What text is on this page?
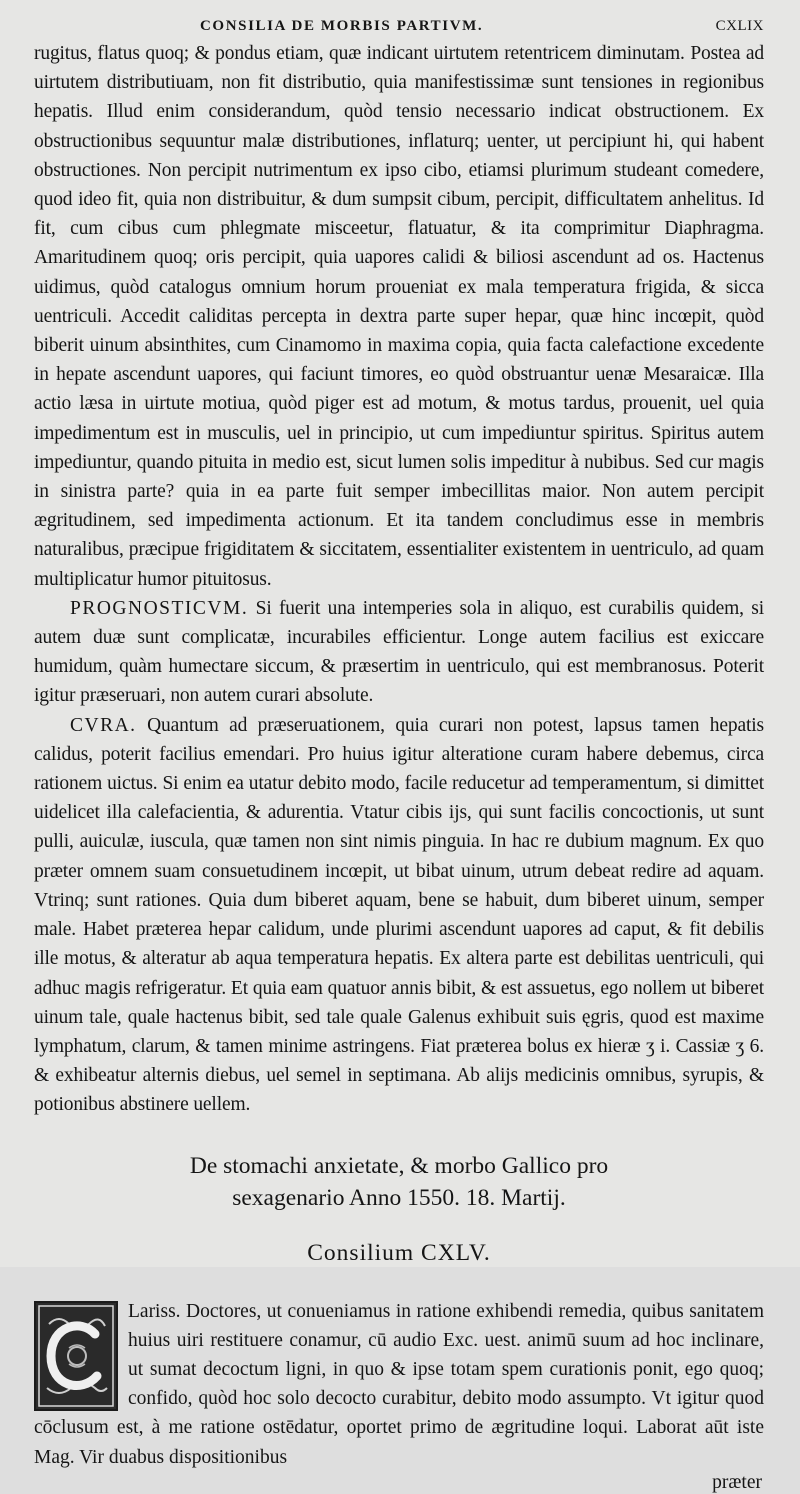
CONSILIA DE MORBIS PARTIVM.	CXLIX

rugitus, flatus quoq; & pondus etiam, quæ indicant uirtutem retentricem diminutam. Postea ad uirtutem distributiuam, non fit distributio, quia manifestissimæ sunt tensiones in regionibus hepatis. Illud enim considerandum, quòd tensio necessario indicat obstructionem. Ex obstructionibus sequuntur malæ distributiones, inflaturq; uenter, ut percipiunt hi, qui habent obstructiones. Non percipit nutrimentum ex ipso cibo, etiamsi plurimum studeant comedere, quod ideo fit, quia non distribuitur, & dum sumpsit cibum, percipit, difficultatem anhelitus. Id fit, cum cibus cum phlegmate misceetur, flatuatur, & ita comprimitur Diaphragma. Amaritudinem quoq; oris percipit, quia uapores calidi & biliosi ascendunt ad os. Hactenus uidimus, quòd catalogus omnium horum proueniat ex mala temperatura frigida, & sicca uentriculi. Accedit caliditas percepta in dextra parte super hepar, quæ hinc incœpit, quòd biberit uinum absinthites, cum Cinamomo in maxima copia, quia facta calefactione excedente in hepate ascendunt uapores, qui faciunt timores, eo quòd obstruantur uenæ Mesaraicæ. Illa actio læsa in uirtute motiua, quòd piger est ad motum, & motus tardus, prouenit, uel quia impedimentum est in musculis, uel in principio, ut cum impediuntur spiritus. Spiritus autem impediuntur, quando pituita in medio est, sicut lumen solis impeditur à nubibus. Sed cur magis in sinistra parte? quia in ea parte fuit semper imbecillitas maior. Non autem percipit ægritudinem, sed impedimenta actionum. Et ita tandem concludimus esse in membris naturalibus, præcipue frigiditatem & siccitatem, essentialiter existentem in uentriculo, ad quam multiplicatur humor pituitosus.

PROGNOSTICVM. Si fuerit una intemperies sola in aliquo, est curabilis quidem, si autem duæ sunt complicatæ, incurabiles efficientur. Longe autem facilius est exiccare humidum, quàm humectare siccum, & præsertim in uentriculo, qui est membranosus. Poterit igitur præseruari, non autem curari absolute.

CVRA. Quantum ad præseruationem, quia curari non potest, lapsus tamen hepatis calidus, poterit facilius emendari. Pro huius igitur alteratione curam habere debemus, circa rationem uictus. Si enim ea utatur debito modo, facile reducetur ad temperamentum, si dimittet uidelicet illa calefacientia, & adurentia. Vtatur cibis ijs, qui sunt facilis concoctionis, ut sunt pulli, auiculæ, iuscula, quæ tamen non sint nimis pinguia. In hac re dubium magnum. Ex quo præter omnem suam consuetudinem incœpit, ut bibat uinum, utrum debeat redire ad aquam. Vtrinq; sunt rationes. Quia dum biberet aquam, bene se habuit, dum biberet uinum, semper male. Habet præterea hepar calidum, unde plurimi ascendunt uapores ad caput, & fit debilis ille motus, & alteratur ab aqua temperatura hepatis. Ex altera parte est debilitas uentriculi, qui adhuc magis refrigeratur. Et quia eam quatuor annis bibit, & est assuetus, ego nollem ut biberet uinum tale, quale hactenus bibit, sed tale quale Galenus exhibuit suis ęgris, quod est maxime lymphatum, clarum, & tamen minime astringens. Fiat præterea bolus ex hieræ ʒ i. Cassiæ ʒ 6. & exhibeatur alternis diebus, uel semel in septimana. Ab alijs medicinis omnibus, syrupis, & potionibus abstinere uellem.

De stomachi anxietate, & morbo Gallico pro
sexagenario Anno 1550. 18. Martij.
Consilium CXLV.

Lariss. Doctores, ut conueniamus in ratione exhibendi remedia, quibus sanitatem huius uiri restituere conamur, cū audio Exc. uest. animū suum ad hoc inclinare, ut sumat decoctum ligni, in quo & ipse totam spem curationis ponit, ego quoq; confido, quòd hoc solo decocto curabitur, debito modo assumpto. Vt igitur quod cōclusum est, à me ratione ostēdatur, oportet primo de ægritudine loqui. Laborat aūt iste Mag. Vir duabus dispositionibus

præter
